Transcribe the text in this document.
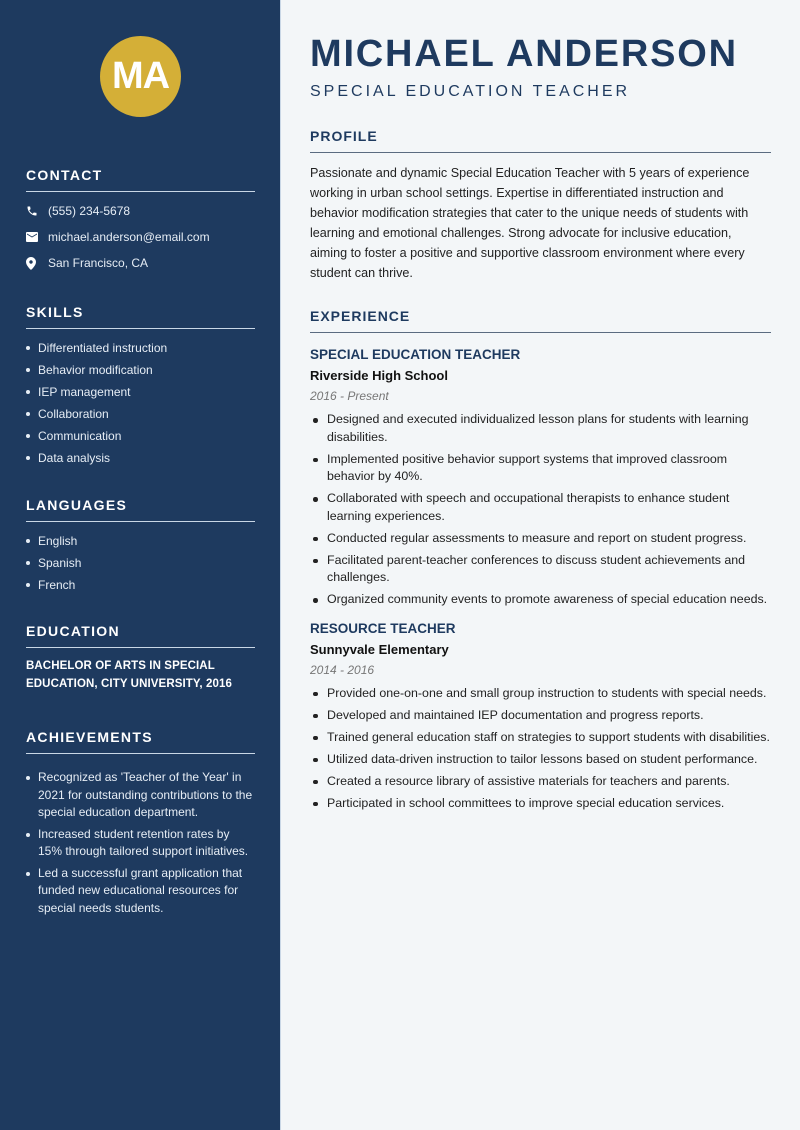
MA
CONTACT
(555) 234-5678
michael.anderson@email.com
San Francisco, CA
SKILLS
Differentiated instruction
Behavior modification
IEP management
Collaboration
Communication
Data analysis
LANGUAGES
English
Spanish
French
EDUCATION
BACHELOR OF ARTS IN SPECIAL EDUCATION, CITY UNIVERSITY, 2016
ACHIEVEMENTS
Recognized as 'Teacher of the Year' in 2021 for outstanding contributions to the special education department.
Increased student retention rates by 15% through tailored support initiatives.
Led a successful grant application that funded new educational resources for special needs students.
MICHAEL ANDERSON
SPECIAL EDUCATION TEACHER
PROFILE

Passionate and dynamic Special Education Teacher with 5 years of experience working in urban school settings. Expertise in differentiated instruction and behavior modification strategies that cater to the unique needs of students with learning and emotional challenges. Strong advocate for inclusive education, aiming to foster a positive and supportive classroom environment where every student can thrive.

EXPERIENCE
SPECIAL EDUCATION TEACHER
Riverside High School
2016 - Present
Designed and executed individualized lesson plans for students with learning disabilities.
Implemented positive behavior support systems that improved classroom behavior by 40%.
Collaborated with speech and occupational therapists to enhance student learning experiences.
Conducted regular assessments to measure and report on student progress.
Facilitated parent-teacher conferences to discuss student achievements and challenges.
Organized community events to promote awareness of special education needs.
RESOURCE TEACHER
Sunnyvale Elementary
2014 - 2016
Provided one-on-one and small group instruction to students with special needs.
Developed and maintained IEP documentation and progress reports.
Trained general education staff on strategies to support students with disabilities.
Utilized data-driven instruction to tailor lessons based on student performance.
Created a resource library of assistive materials for teachers and parents.
Participated in school committees to improve special education services.
